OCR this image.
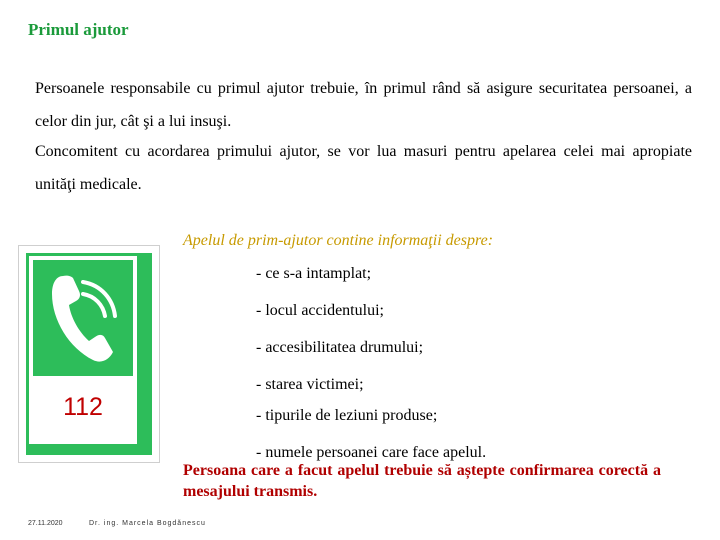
Primul ajutor
Persoanele responsabile cu primul ajutor trebuie, în primul rând să asigure securitatea persoanei, a celor din jur, cât şi a lui insuşi.
Concomitent cu acordarea primului ajutor, se vor lua masuri pentru apelarea celei mai apropiate unităţi medicale.
112
Apelul de prim-ajutor contine informaţii despre:
- ce s-a intamplat;
- locul accidentului;
- accesibilitatea drumului;
- starea victimei;
- tipurile de leziuni produse;
- numele persoanei care face apelul.
Persoana care a facut apelul trebuie să aștepte confirmarea corectă a mesajului transmis.
27.11.2020	Dr. ing. Marcela Bogdănescu
